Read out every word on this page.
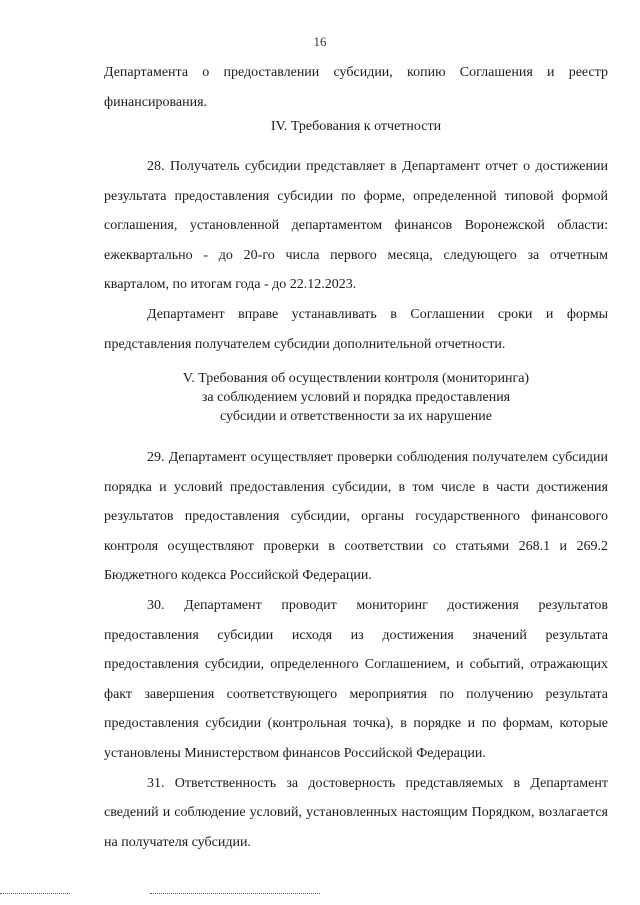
16

Департамента о предоставлении субсидии, копию Соглашения и реестр финансирования.

IV. Требования к отчетности

28. Получатель субсидии представляет в Департамент отчет о достижении результата предоставления субсидии по форме, определенной типовой формой соглашения, установленной департаментом финансов Воронежской области: ежеквартально - до 20-го числа первого месяца, следующего за отчетным кварталом, по итогам года - до 22.12.2023.

Департамент вправе устанавливать в Соглашении сроки и формы представления получателем субсидии дополнительной отчетности.

V. Требования об осуществлении контроля (мониторинга)
за соблюдением условий и порядка предоставления
субсидии и ответственности за их нарушение

29. Департамент осуществляет проверки соблюдения получателем субсидии порядка и условий предоставления субсидии, в том числе в части достижения результатов предоставления субсидии, органы государственного финансового контроля осуществляют проверки в соответствии со статьями 268.1 и 269.2 Бюджетного кодекса Российской Федерации.

30. Департамент проводит мониторинг достижения результатов предоставления субсидии исходя из достижения значений результата предоставления субсидии, определенного Соглашением, и событий, отражающих факт завершения соответствующего мероприятия по получению результата предоставления субсидии (контрольная точка), в порядке и по формам, которые установлены Министерством финансов Российской Федерации.

31. Ответственность за достоверность представляемых в Департамент сведений и соблюдение условий, установленных настоящим Порядком, возлагается на получателя субсидии.
